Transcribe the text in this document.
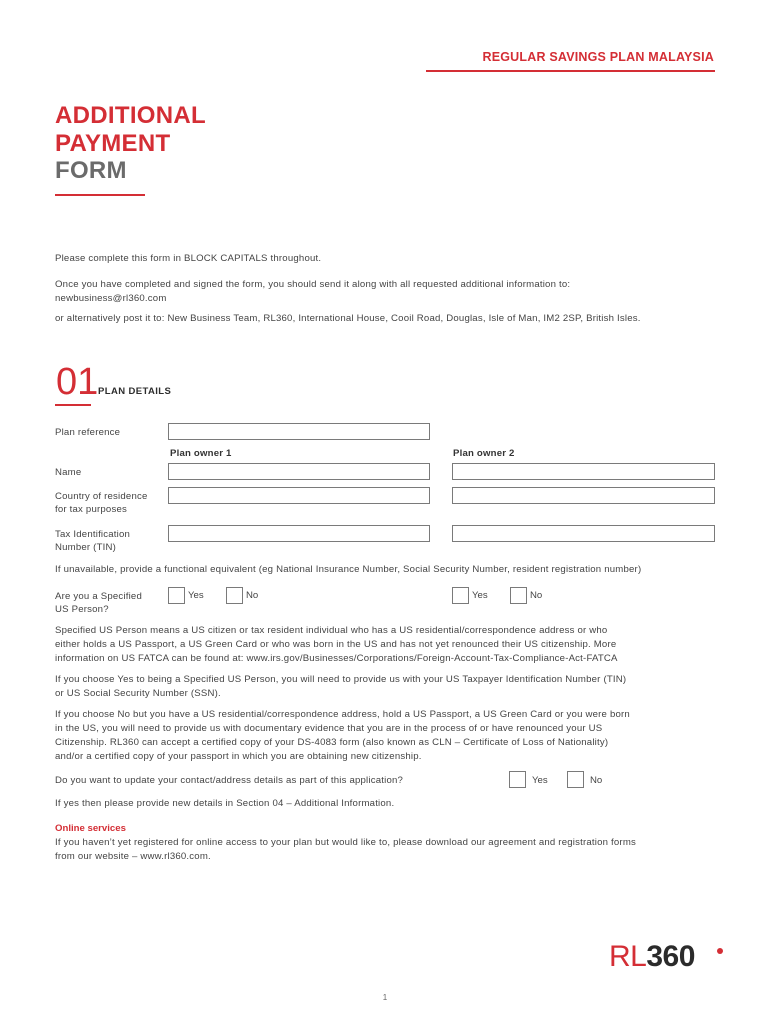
REGULAR SAVINGS PLAN MALAYSIA
ADDITIONAL
PAYMENT
FORM
Please complete this form in BLOCK CAPITALS throughout.
Once you have completed and signed the form, you should send it along with all requested additional information to:
newbusiness@rl360.com
or alternatively post it to: New Business Team, RL360, International House, Cooil Road, Douglas, Isle of Man, IM2 2SP, British Isles.
01 PLAN DETAILS
Plan reference
Plan owner 1	Plan owner 2
Name
Country of residence
for tax purposes
Tax Identification
Number (TIN)
If unavailable, provide a functional equivalent (eg National Insurance Number, Social Security Number, resident registration number)
Are you a Specified
US Person?
Yes	No	Yes	No
Specified US Person means a US citizen or tax resident individual who has a US residential/correspondence address or who
either holds a US Passport, a US Green Card or who was born in the US and has not yet renounced their US citizenship. More
information on US FATCA can be found at: www.irs.gov/Businesses/Corporations/Foreign-Account-Tax-Compliance-Act-FATCA
If you choose Yes to being a Specified US Person, you will need to provide us with your US Taxpayer Identification Number (TIN)
or US Social Security Number (SSN).
If you choose No but you have a US residential/correspondence address, hold a US Passport, a US Green Card or you were born
in the US, you will need to provide us with documentary evidence that you are in the process of or have renounced your US
Citizenship. RL360 can accept a certified copy of your DS-4083 form (also known as CLN – Certificate of Loss of Nationality)
and/or a certified copy of your passport in which you are obtaining new citizenship.
Do you want to update your contact/address details as part of this application?	Yes	No
If yes then please provide new details in Section 04 – Additional Information.
Online services
If you haven’t yet registered for online access to your plan but would like to, please download our agreement and registration forms
from our website – www.rl360.com.
RL360
1
